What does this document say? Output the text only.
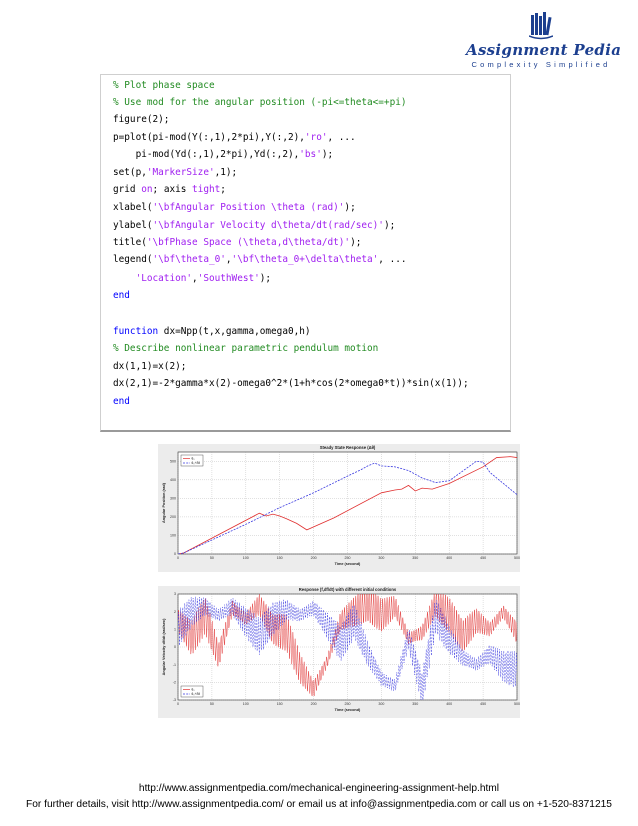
Assignment Pedia
Complexity Simplified
% Plot phase space
% Use mod for the angular position (-pi<=theta<=+pi)
figure(2);
p=plot(pi-mod(Y(:,1),2*pi),Y(:,2),'ro', ...
pi-mod(Yd(:,1),2*pi),Yd(:,2),'bs');
set(p,'MarkerSize',1);
grid on; axis tight;
xlabel('\bfAngular Position \theta (rad)');
ylabel('\bfAngular Velocity d\theta/dt(rad/sec)');
title('\bfPhase Space (\theta,d\theta/dt)');
legend('\bf\theta_0','\bf\theta_0+\delta\theta', ...
'Location','SouthWest');
end
function dx=Npp(t,x,gamma,omega0,h)
% Describe nonlinear parametric pendulum motion
dx(1,1)=x(2);
dx(2,1)=-2*gamma*x(2)-omega0^2*(1+h*cos(2*omega0*t))*sin(x(1));
end
0	50	100	150	200	250	300	350	400	450	500
0
100
200
300
400
500
Steady State Response (Δθ)
Time (second)
Angular Position (rad)
θ₀
θ₀+δθ
0	50	100	150	200	250	300	350	400	450	500
3
2
1
0
-1
-2
-3
Response (f,df/dt) with different initial conditions
Time (second)
Angular Velocity dθ/dt (rad/sec)
θ₀
θ₀+δθ
http://www.assignmentpedia.com/mechanical-engineering-assignment-help.html
For further details, visit http://www.assignmentpedia.com/ or email us at info@assignmentpedia.com or call us on +1-520-8371215
